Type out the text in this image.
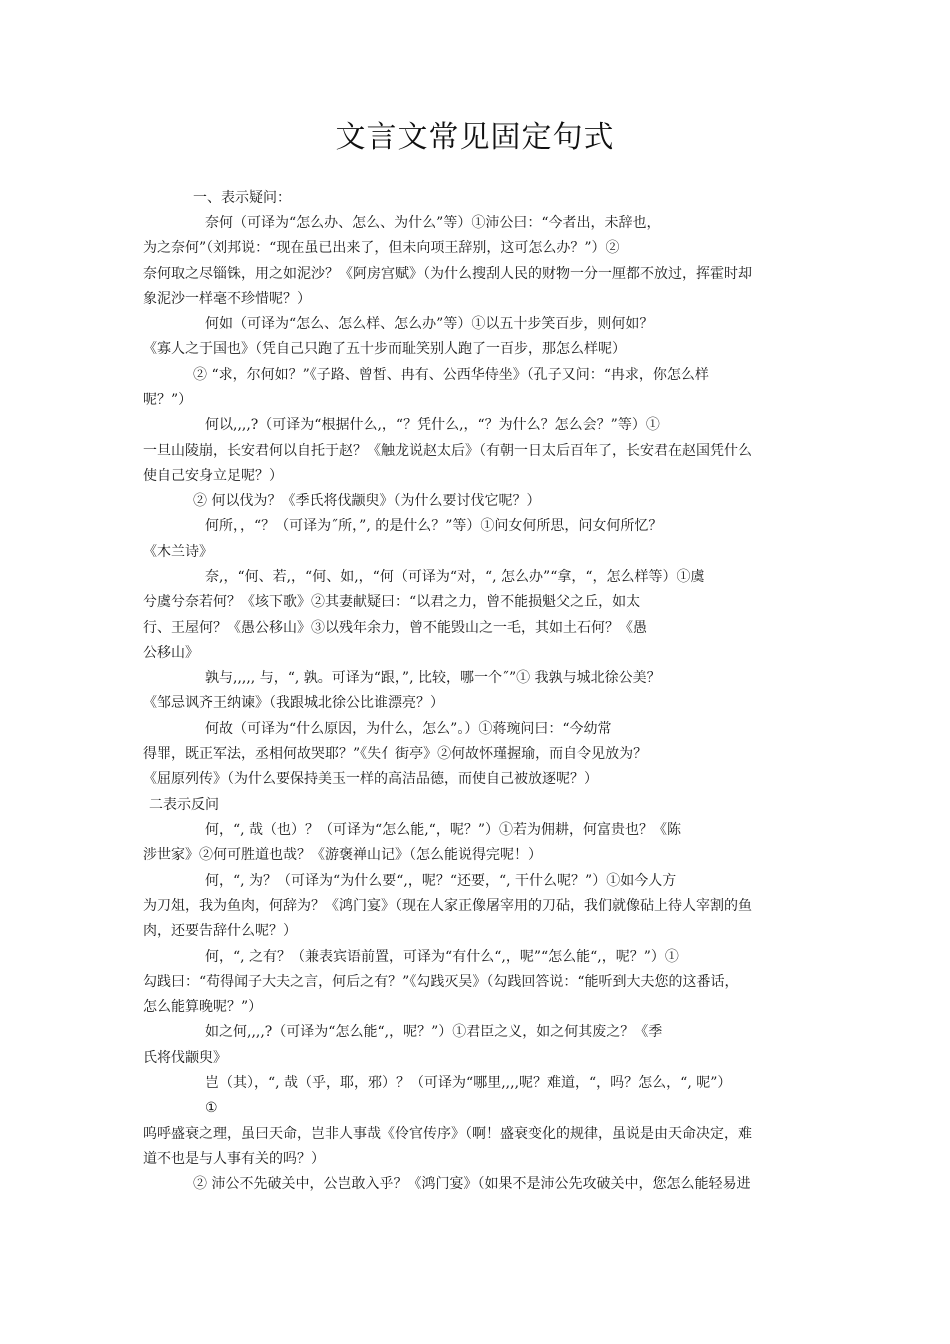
文言文常见固定句式
一、表示疑问：
奈何（可译为“怎么办、怎么、为什么”等）①沛公曰：“今者出，未辞也，
为之奈何”（刘邦说：“现在虽已出来了，但未向项王辞别，这可怎么办？”）②
奈何取之尽锱铢，用之如泥沙？《阿房宫赋》（为什么搜刮人民的财物一分一厘都不放过，挥霍时却
象泥沙一样毫不珍惜呢？）
何如（可译为“怎么、怎么样、怎么办”等）①以五十步笑百步，则何如？
《寡人之于国也》（凭自己只跑了五十步而耻笑别人跑了一百步，那怎么样呢）
② “求，尔何如？”《子路、曾皙、冉有、公西华侍坐》（孔子又问：“冉求，你怎么样
呢？”）
何以,,,,?（可译为“根据什么,，“？凭什么,，“？为什么？怎么会？”等）①
一旦山陵崩，长安君何以自托于赵？《触龙说赵太后》（有朝一日太后百年了，长安君在赵国凭什么
使自己安身立足呢？）
② 何以伐为？《季氏将伐颛臾》（为什么要讨伐它呢？）
何所，，“？（可译为˝所，”, 的是什么？”等）①问女何所思，问女何所忆？
《木兰诗》
奈,，“何、若,，“何、如,，“何（可译为“对，“, 怎么办”“拿，“，怎么样等）①虞
兮虞兮奈若何？《垓下歌》②其妻献疑曰：“以君之力，曾不能损魁父之丘，如太
行、王屋何？《愚公移山》③以残年余力，曾不能毁山之一毛，其如土石何？《愚
公移山》
孰与,,,,, 与，“, 孰。可译为“跟，”, 比较，哪一个˝”① 我孰与城北徐公美？
《邹忌讽齐王纳谏》（我跟城北徐公比谁漂亮？）
何故（可译为“什么原因，为什么，怎么”。）①蒋琬问曰：“今幼常
得罪，既正军法，丞相何故哭耶？”《失亻街亭》②何故怀瑾握瑜，而自令见放为？
《屈原列传》（为什么要保持美玉一样的高洁品德，而使自己被放逐呢？）
二表示反问
何，“, 哉（也）？（可译为“怎么能,“，呢？”）①若为佣耕，何富贵也？《陈
涉世家》②何可胜道也哉？《游褒禅山记》（怎么能说得完呢！）
何，“, 为？（可译为“为什么要“,，呢？“还要，“, 干什么呢？”）①如今人方
为刀俎，我为鱼肉，何辞为？《鸿门宴》（现在人家正像屠宰用的刀砧，我们就像砧上待人宰割的鱼
肉，还要告辞什么呢？）
何，“, 之有？（兼表宾语前置，可译为“有什么“,，呢”“怎么能“,，呢？”）①
勾践曰：“苟得闻子大夫之言，何后之有？”《勾践灭吴》（勾践回答说：“能听到大夫您的这番话，
怎么能算晚呢？”）
如之何,,,,?（可译为“怎么能“,，呢？”）①君臣之义，如之何其废之？《季
氏将伐颛臾》
岂（其），“, 哉（乎，耶，邪）？（可译为“哪里,,,,呢？难道，“，吗？怎么，“, 呢”）
①
呜呼盛衰之理，虽曰天命，岂非人事哉《伶官传序》（啊！盛衰变化的规律，虽说是由天命决定，难
道不也是与人事有关的吗？）
② 沛公不先破关中，公岂敢入乎？《鸿门宴》（如果不是沛公先攻破关中，您怎么能轻易进
